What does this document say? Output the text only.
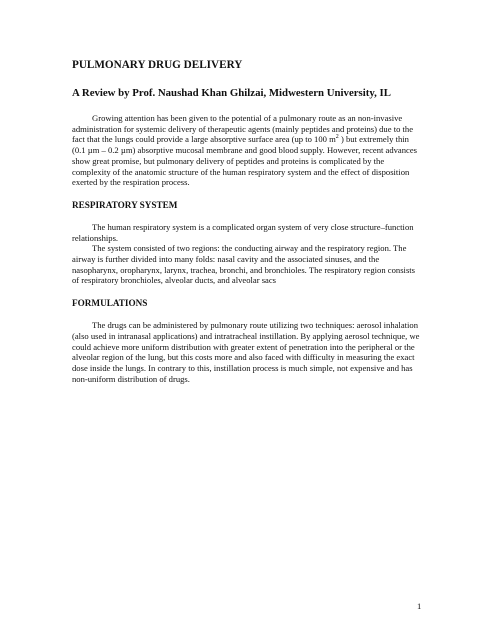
PULMONARY DRUG DELIVERY
A Review by Prof. Naushad Khan Ghilzai, Midwestern University, IL

Growing attention has been given to the potential of a pulmonary route as an non-invasive administration for systemic delivery of therapeutic agents (mainly peptides and proteins) due to the fact that the lungs could provide a large absorptive surface area (up to 100 $m^2$ ) but extremely thin (0.1 µm – 0.2 µm) absorptive mucosal membrane and good blood supply. However, recent advances show great promise, but pulmonary delivery of peptides and proteins is complicated by the complexity of the anatomic structure of the human respiratory system and the effect of disposition exerted by the respiration process.

RESPIRATORY SYSTEM

The human respiratory system is a complicated organ system of very close structure–function relationships.

The system consisted of two regions: the conducting airway and the respiratory region. The airway is further divided into many folds: nasal cavity and the associated sinuses, and the nasopharynx, oropharynx, larynx, trachea, bronchi, and bronchioles. The respiratory region consists of respiratory bronchioles, alveolar ducts, and alveolar sacs

FORMULATIONS

The drugs can be administered by pulmonary route utilizing two techniques: aerosol inhalation (also used in intranasal applications) and intratracheal instillation. By applying aerosol technique, we could achieve more uniform distribution with greater extent of penetration into the peripheral or the alveolar region of the lung, but this costs more and also faced with difficulty in measuring the exact dose inside the lungs. In contrary to this, instillation process is much simple, not expensive and has non-uniform distribution of drugs.

1
